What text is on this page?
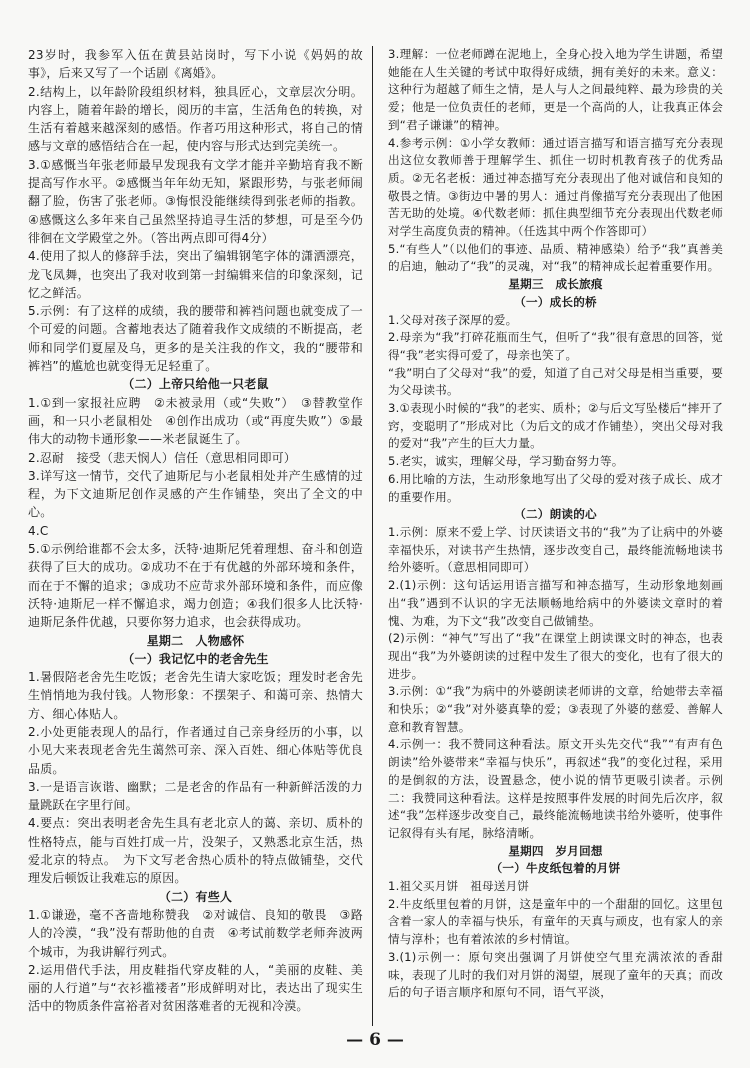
23岁时，我参军入伍在黄县站岗时，写下小说《妈妈的故事》，后来又写了一个话剧《离婚》。
2.结构上，以年龄阶段组织材料，独具匠心，文章层次分明。内容上，随着年龄的增长，阅历的丰富，生活角色的转换，对生活有着越来越深刻的感悟。作者巧用这种形式，将自己的情感与文章的感悟结合在一起，使内容与形式达到完美统一。
3.①感慨当年张老师最早发现我有文学才能并辛勤培育我不断提高写作水平。②感慨当年年幼无知，紧跟形势，与张老师闹翻了脸，伤害了张老师。③悔恨没能继续得到张老师的指教。④感慨这么多年来自己虽然坚持追寻生活的梦想，可是至今仍徘徊在文学殿堂之外。（答出两点即可得4分）
4.使用了拟人的修辞手法，突出了编辑钢笔字体的潇洒漂亮，龙飞凤舞，也突出了我对收到第一封编辑来信的印象深刻，记忆之鲜活。
5.示例：有了这样的成绩，我的腰带和裤裆问题也就变成了一个可爱的问题。含蓄地表达了随着我作文成绩的不断提高，老师和同学们夏屋及乌，更多的是关注我的作文，我的“腰带和裤裆”的尴尬也就变得无足轻重了。
（二）上帝只给他一只老鼠
1.①到一家报社应聘　②未被录用（或“失败”）　③替教堂作画，和一只小老鼠相处　④创作出成功（或“再度失败”）⑤最伟大的动物卡通形象——米老鼠诞生了。
2.忍耐　接受（悲天悯人）信任（意思相同即可）
3.详写这一情节，交代了迪斯尼与小老鼠相处并产生感情的过程，为下文迪斯尼创作灵感的产生作铺垫，突出了全文的中心。
4.C
5.①示例给谁都不会太多，沃特·迪斯尼凭着理想、奋斗和创造获得了巨大的成功。②成功不在于有优越的外部环境和条件，而在于不懈的追求；③成功不应苛求外部环境和条件，而应像沃特·迪斯尼一样不懈追求，竭力创造；④我们很多人比沃特·迪斯尼条件优越，只要你努力追求，也会获得成功。
星期二　人物感怀
（一）我记忆中的老舍先生
1.暑假陪老舍先生吃饭；老舍先生请大家吃饭；理发时老舍先生悄悄地为我付钱。人物形象：不摆架子、和蔼可亲、热情大方、细心体贴人。
2.小处更能表现人的品行，作者通过自己亲身经历的小事，以小见大来表现老舍先生蔼然可亲、深入百姓、细心体贴等优良品质。
3.一是语言诙谐、幽默；二是老舍的作品有一种新鲜活泼的力量跳跃在字里行间。
4.要点：突出表明老舍先生具有老北京人的蔼、亲切、质朴的性格特点，能与百姓打成一片，没架子，又熟悉北京生活，热爱北京的特点。　为下文写老舍热心质朴的特点做铺垫，交代理发后顿饭让我难忘的原因。
（二）有些人
1.①谦逊，毫不吝啬地称赞我　②对诚信、良知的敬畏　③路人的冷漠，“我”没有帮助他的自责　④考试前数学老师奔波两个城市，为我讲解行列式。
2.运用借代手法，用皮鞋指代穿皮鞋的人，“美丽的皮鞋、美丽的人行道”与“衣衫褴褛者”形成鲜明对比，表达出了现实生活中的物质条件富裕者对贫困落难者的无视和冷漠。
3.理解：一位老师蹲在泥地上，全身心投入地为学生讲题，希望她能在人生关键的考试中取得好成绩，拥有美好的未来。意义：这种行为超越了师生之情，是人与人之间最纯粹、最为珍贵的关爱；他是一位负责任的老师，更是一个高尚的人，让我真正体会到“君子谦谦”的精神。
4.参考示例：①小学女教师：通过语言描写和语言描写充分表现出这位女教师善于理解学生、抓住一切时机教育孩子的优秀品质。②无名老板：通过神态描写充分表现出了他对诚信和良知的敬畏之情。③街边中暑的男人：通过肖像描写充分表现出了他困苦无助的处境。④代数老师：抓住典型细节充分表现出代数老师对学生高度负责的精神。（任选其中两个作答即可）
5.“有些人”（以他们的事迹、品质、精神感染）给予“我”真善美的启迪，触动了“我”的灵魂，对“我”的精神成长起着重要作用。
星期三　成长旅痕
（一）成长的桥
1.父母对孩子深厚的爱。
2.母亲为“我”打碎花瓶而生气，但听了“我”很有意思的回答，觉得“我”老实得可爱了，母亲也笑了。
“我”明白了父母对“我”的爱，知道了自己对父母是相当重要，要为父母读书。
3.①表现小时候的“我”的老实、质朴；②与后文写坠楼后“摔开了窍，变聪明了”形成对比（为后文的成才作铺垫），突出父母对我的爱对“我”产生的巨大力量。
5.老实，诚实，理解父母，学习勤奋努力等。
6.用比喻的方法，生动形象地写出了父母的爱对孩子成长、成才的重要作用。
（二）朗读的心
1.示例：原来不爱上学、讨厌读语文书的“我”为了让病中的外婆幸福快乐，对读书产生热情，逐步改变自己，最终能流畅地读书给外婆听。（意思相同即可）
2.(1)示例：这句话运用语言描写和神态描写，生动形象地刻画出“我”遇到不认识的字无法顺畅地给病中的外婆读文章时的着愧、为难，为下文“我”改变自己做铺垫。
(2)示例：“神气”写出了“我”在课堂上朗读课文时的神态，也表现出“我”为外婆朗读的过程中发生了很大的变化，也有了很大的进步。
3.示例：①“我”为病中的外婆朗读老师讲的文章，给她带去幸福和快乐；②“我”对外婆真挚的爱；③表现了外婆的慈爱、善解人意和教育智慧。
4.示例一：我不赞同这种看法。原文开头先交代“我”“有声有色朗读”给外婆带来“幸福与快乐”，再叙述“我”的变化过程，采用的是倒叙的方法，设置悬念，使小说的情节更吸引读者。示例二：我赞同这种看法。这样是按照事件发展的时间先后次序，叙述“我”怎样逐步改变自己，最终能流畅地读书给外婆听，使事件记叙得有头有尾，脉络清晰。
星期四　岁月回想
（一）牛皮纸包着的月饼
1.祖父买月饼　祖母送月饼
2.牛皮纸里包着的月饼，这是童年中的一个甜甜的回忆。这里包含着一家人的幸福与快乐，有童年的天真与顽皮，也有家人的亲情与淳朴；也有着浓浓的乡村情谊。
3.(1)示例一：原句突出强调了月饼使空气里充满浓浓的香甜味，表现了儿时的我们对月饼的渴望，展现了童年的天真；而改后的句子语言顺序和原句不同，语气平淡，
— 6 —
